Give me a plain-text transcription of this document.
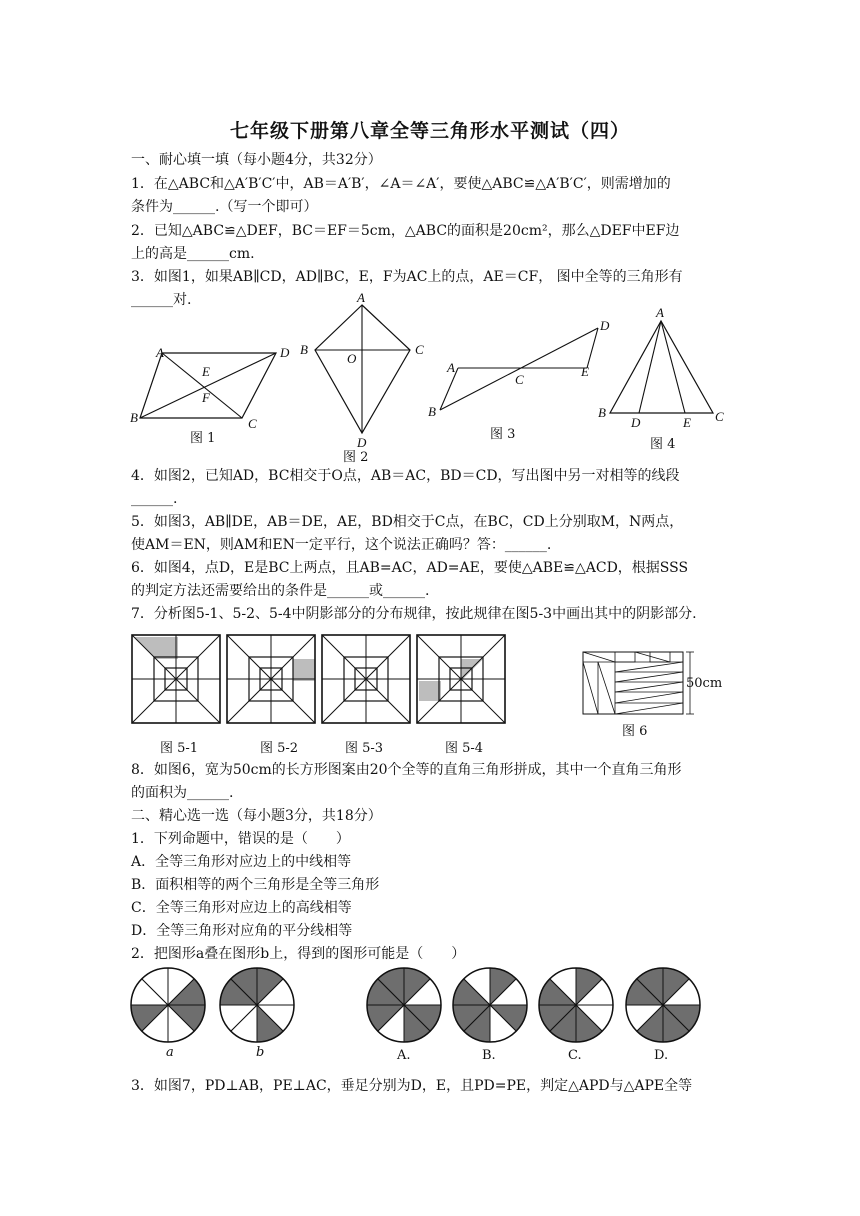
七年级下册第八章全等三角形水平测试（四）
一、耐心填一填（每小题4分，共32分）
1．在△ABC和△A′B′C′中，AB＝A′B′，∠A＝∠A′，要使△ABC≌△A′B′C′，则需增加的
条件为______.（写一个即可）
2．已知△ABC≌△DEF，BC＝EF＝5cm，△ABC的面积是20cm²，那么△DEF中EF边
上的高是______cm.
3．如图1，如果AB∥CD，AD∥BC，E，F为AC上的点，AE＝CF， 图中全等的三角形有
______对.
A	D
B	C
E
F
图 1
A
B	C
D
O
图 2
A
B
C
D
E
图 3
A
B	C
D	E
图 4
4．如图2，已知AD，BC相交于O点，AB＝AC，BD＝CD，写出图中另一对相等的线段
______.
5．如图3，AB∥DE，AB＝DE，AE，BD相交于C点，在BC，CD上分别取M，N两点，
使AM＝EN，则AM和EN一定平行，这个说法正确吗？答：______.
6．如图4，点D，E是BC上两点，且AB=AC，AD=AE，要使△ABE≌△ACD，根据SSS
的判定方法还需要给出的条件是______或______.
7．分析图5-1、5-2、5-4中阴影部分的分布规律，按此规律在图5-3中画出其中的阴影部分.
图 5-1	图 5-2	图 5-3	图 5-4
50cm
图 6
8．如图6，宽为50cm的长方形图案由20个全等的直角三角形拼成，其中一个直角三角形
的面积为______.
二、精心选一选（每小题3分，共18分）
1．下列命题中，错误的是（　　）
A．全等三角形对应边上的中线相等
B．面积相等的两个三角形是全等三角形
C．全等三角形对应边上的高线相等
D．全等三角形对应角的平分线相等
2．把图形a叠在图形b上，得到的图形可能是（　　）
a	b	A.	B.	C.	D.
3．如图7，PD⊥AB，PE⊥AC，垂足分别为D，E，且PD=PE，判定△APD与△APE全等
